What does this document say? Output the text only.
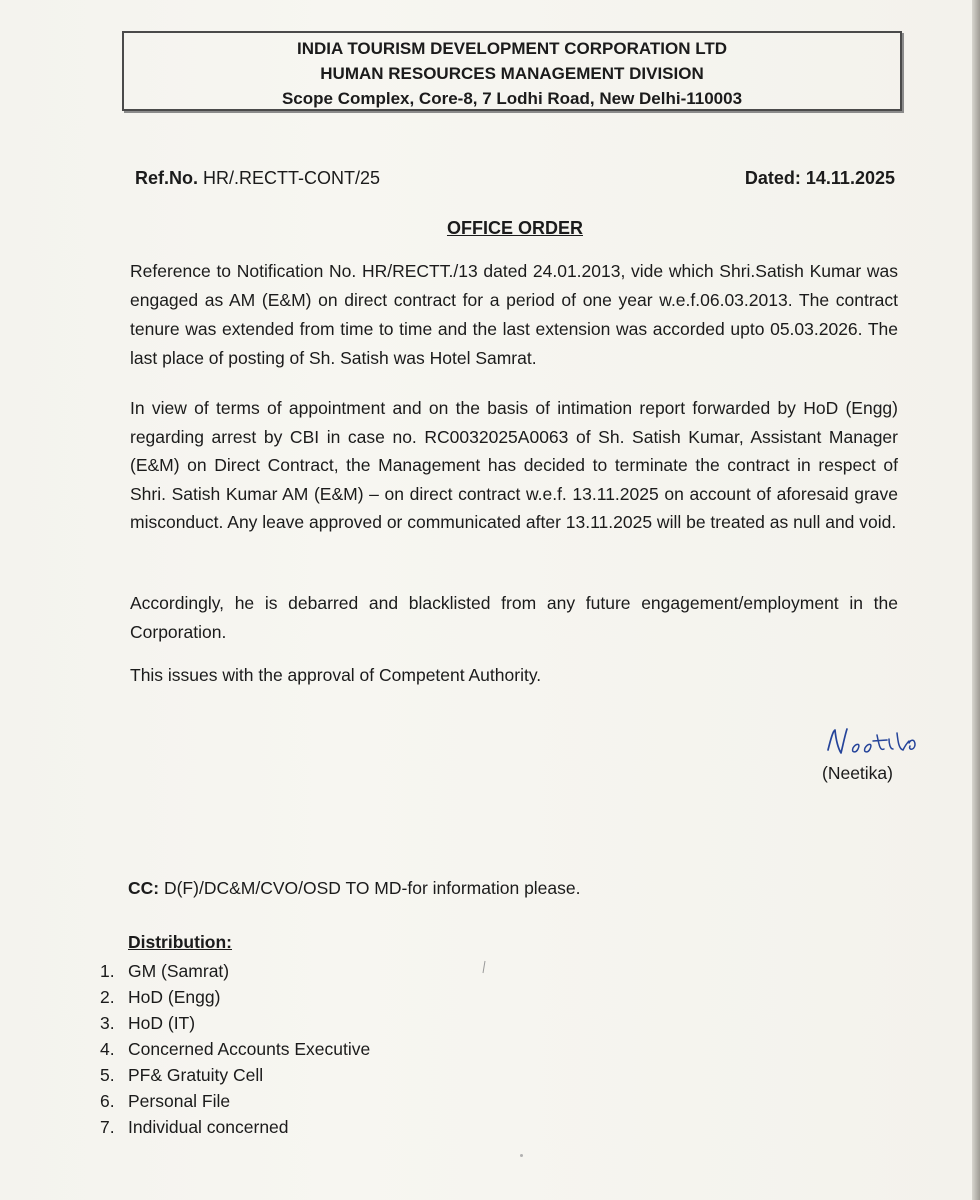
INDIA TOURISM DEVELOPMENT CORPORATION LTD
HUMAN RESOURCES MANAGEMENT DIVISION
Scope Complex, Core-8, 7 Lodhi Road, New Delhi-110003
Ref.No. HR/.RECTT-CONT/25	Dated: 14.11.2025
OFFICE ORDER

Reference to Notification No. HR/RECTT./13 dated 24.01.2013, vide which Shri.Satish Kumar was engaged as AM (E&M) on direct contract for a period of one year w.e.f.06.03.2013. The contract tenure was extended from time to time and the last extension was accorded upto 05.03.2026. The last place of posting of Sh. Satish was Hotel Samrat.

In view of terms of appointment and on the basis of intimation report forwarded by HoD (Engg) regarding arrest by CBI in case no. RC0032025A0063 of Sh. Satish Kumar, Assistant Manager (E&M) on Direct Contract, the Management has decided to terminate the contract in respect of Shri. Satish Kumar AM (E&M) – on direct contract w.e.f. 13.11.2025 on account of aforesaid grave misconduct. Any leave approved or communicated after 13.11.2025 will be treated as null and void.

Accordingly, he is debarred and blacklisted from any future engagement/employment in the Corporation.

This issues with the approval of Competent Authority.

(Neetika)
CC: D(F)/DC&M/CVO/OSD TO MD-for information please.
Distribution:
1. GM (Samrat)
2. HoD (Engg)
3. HoD (IT)
4. Concerned Accounts Executive
5. PF& Gratuity Cell
6. Personal File
7. Individual concerned
